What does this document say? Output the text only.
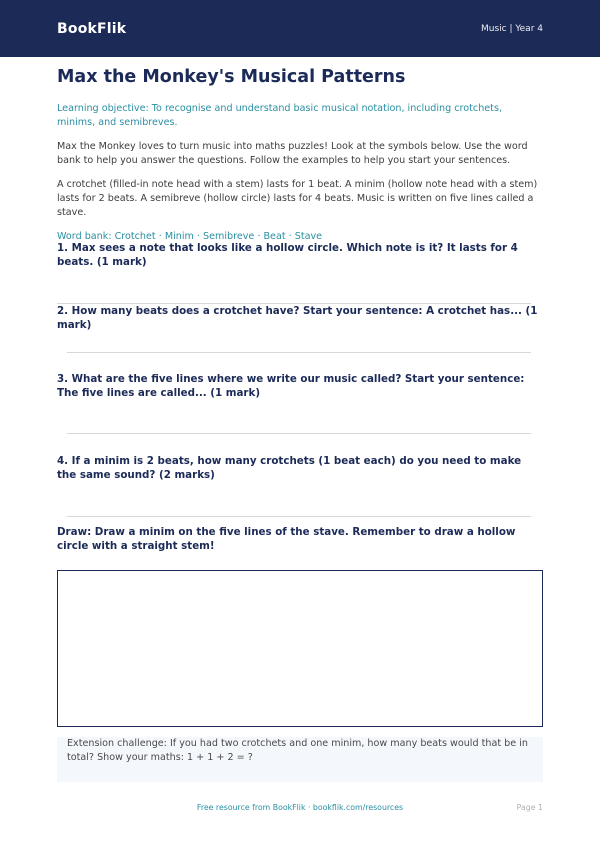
BookFlik	Music | Year 4
Max the Monkey's Musical Patterns
Learning objective: To recognise and understand basic musical notation, including crotchets, minims, and semibreves.
Max the Monkey loves to turn music into maths puzzles! Look at the symbols below. Use the word bank to help you answer the questions. Follow the examples to help you start your sentences.
A crotchet (filled-in note head with a stem) lasts for 1 beat. A minim (hollow note head with a stem) lasts for 2 beats. A semibreve (hollow circle) lasts for 4 beats. Music is written on five lines called a stave.
Word bank: Crotchet · Minim · Semibreve · Beat · Stave
1. Max sees a note that looks like a hollow circle. Which note is it? It lasts for 4 beats. (1 mark)
2. How many beats does a crotchet have? Start your sentence: A crotchet has... (1 mark)
3. What are the five lines where we write our music called? Start your sentence: The five lines are called... (1 mark)
4. If a minim is 2 beats, how many crotchets (1 beat each) do you need to make the same sound? (2 marks)
Draw: Draw a minim on the five lines of the stave. Remember to draw a hollow circle with a straight stem!
Extension challenge: If you had two crotchets and one minim, how many beats would that be in total? Show your maths: 1 + 1 + 2 = ?
Free resource from BookFlik · bookflik.com/resources	Page 1
